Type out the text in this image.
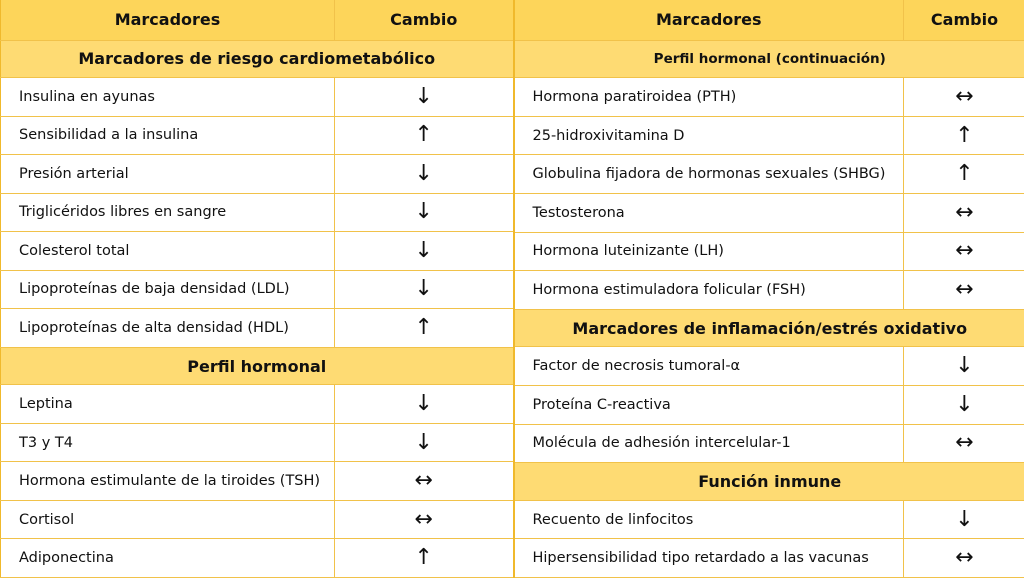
Marcadores	Cambio
Marcadores de riesgo cardiometabólico	
Insulina en ayunas	↓
Sensibilidad a la insulina	↑
Presión arterial	↓
Triglicéridos libres en sangre	↓
Colesterol total	↓
Lipoproteínas de baja densidad (LDL)	↓
Lipoproteínas de alta densidad (HDL)	↑
Perfil hormonal	
Leptina	↓
T3 y T4	↓
Hormona estimulante de la tiroides (TSH)	↔
Cortisol	↔
Adiponectina	↑
Marcadores	Cambio
Perfil hormonal (continuación)	
Hormona paratiroidea (PTH)	↔
25-hidroxivitamina D	↑
Globulina fijadora de hormonas sexuales (SHBG)	↑
Testosterona	↔
Hormona luteinizante (LH)	↔
Hormona estimuladora folicular (FSH)	↔
Marcadores de inflamación/estrés oxidativo	
Factor de necrosis tumoral-α	↓
Proteína C-reactiva	↓
Molécula de adhesión intercelular-1	↔
Función inmune	
Recuento de linfocitos	↓
Hipersensibilidad tipo retardado a las vacunas	↔
